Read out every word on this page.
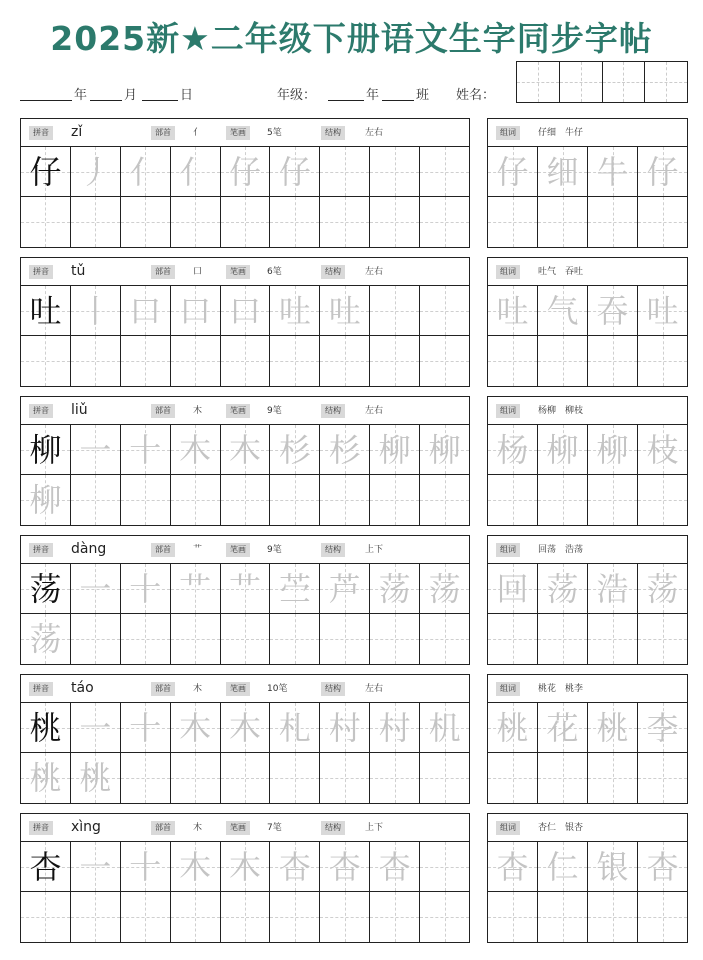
2025新★二年级下册语文生字同步字帖
年	月	日	年级：	年	班 姓名：
拼音 zǐ	部首	亻	笔画	5笔	结构	左右
仔 丿 亻 亻 仔 仔
组词	仔细　牛仔
仔 细 牛 仔
拼音 tǔ	部首	口	笔画	6笔	结构	左右
吐 丨 口 口 口 吐 吐
组词	吐气　吞吐
吐 气 吞 吐
拼音 liǔ	部首	木	笔画	9笔	结构	左右
柳 一 十 木 木 杉 杉 柳 柳
柳
组词	杨柳　柳枝
杨 柳 柳 枝
拼音 dàng	部首	艹	笔画	9笔	结构	上下
荡 一 十 艹 艹 苎 芦 荡 荡
荡
组词	回荡　浩荡
回 荡 浩 荡
拼音 táo	部首	木	笔画	10笔	结构	左右
桃 一 十 木 木 札 村 村 机
桃 桃
组词	桃花　桃李
桃 花 桃 李
拼音 xìng	部首	木	笔画	7笔	结构	上下
杏 一 十 木 木 杏 杏 杏
组词	杏仁　银杏
杏 仁 银 杏
